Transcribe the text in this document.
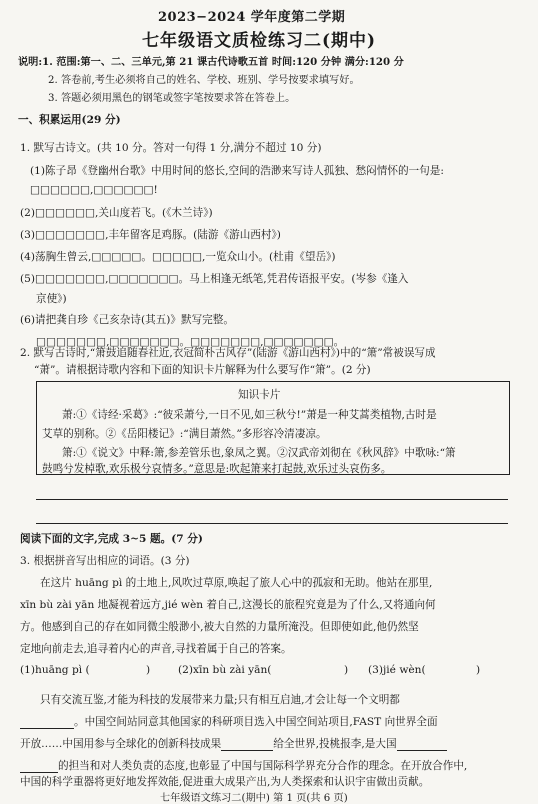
2023−2024 学年度第二学期
七年级语文质检练习二(期中)
说明:1. 范围:第一、二、三单元,第 21 课古代诗歌五首 时间:120 分钟 满分:120 分
2. 答卷前,考生必须将自己的姓名、学校、班别、学号按要求填写好。
3. 答题必须用黑色的钢笔或签字笔按要求答在答卷上。
一、积累运用(29 分)
1. 默写古诗文。(共 10 分。答对一句得 1 分,满分不超过 10 分)
(1)陈子昂《登幽州台歌》中用时间的悠长,空间的浩渺来写诗人孤独、愁闷情怀的一句是:
□□□□□□,□□□□□□!
(2)□□□□□□,关山度若飞。(《木兰诗》)
(3)□□□□□□□,丰年留客足鸡豚。(陆游《游山西村》)
(4)荡胸生曾云,□□□□□。□□□□□,一览众山小。(杜甫《望岳》)
(5)□□□□□□□,□□□□□□□。马上相逢无纸笔,凭君传语报平安。(岑参《逢入
京使》)
(6)请把龚自珍《己亥杂诗(其五)》默写完整。
□□□□□□□,□□□□□□□。□□□□□□□,□□□□□□□。
2. 默写古诗时,“箫鼓追随春社近,衣冠简朴古风存”(陆游《游山西村》)中的“箫”常被误写成
“萧”。请根据诗歌内容和下面的知识卡片解释为什么要写作“箫”。(2 分)
知识卡片
萧:①《诗经·采葛》:“彼采萧兮,一日不见,如三秋兮!”萧是一种艾蒿类植物,古时是
艾草的别称。②《岳阳楼记》:“满目萧然。”多形容冷清凄凉。
箫:①《说文》中释:箫,参差管乐也,象凤之翼。②汉武帝刘彻在《秋风辞》中歌咏:“箫
鼓鸣兮发棹歌,欢乐极兮哀情多。”意思是:吹起箫来打起鼓,欢乐过头哀伤多。
阅读下面的文字,完成 3~5 题。(7 分)
3. 根据拼音写出相应的词语。(3 分)
在这片 huāng pì 的土地上,风吹过草原,唤起了旅人心中的孤寂和无助。他站在那里,
xīn bù zài yān 地凝视着远方,jié wèn 着自己,这漫长的旅程究竟是为了什么,又将通向何
方。他感到自己的存在如同微尘般渺小,被大自然的力量所淹没。但即使如此,他仍然坚
定地向前走去,追寻着内心的声音,寻找着属于自己的答案。
(1)huāng pì (	)	(2)xīn bù zài yān(	) (3)jié wèn(	)
只有交流互鉴,才能为科技的发展带来力量;只有相互启迪,才会让每一个文明都
。中国空间站同意其他国家的科研项目选入中国空间站项目,FAST 向世界全面
开放……中国用参与全球化的创新科技成果	给全世界,投桃报李,是大国
的担当和对人类负责的态度,也彰显了中国与国际科学界充分合作的理念。在开放合作中,
中国的科学重器将更好地发挥效能,促进重大成果产出,为人类探索和认识宇宙做出贡献。
七年级语文练习二(期中) 第 1 页(共 6 页)
